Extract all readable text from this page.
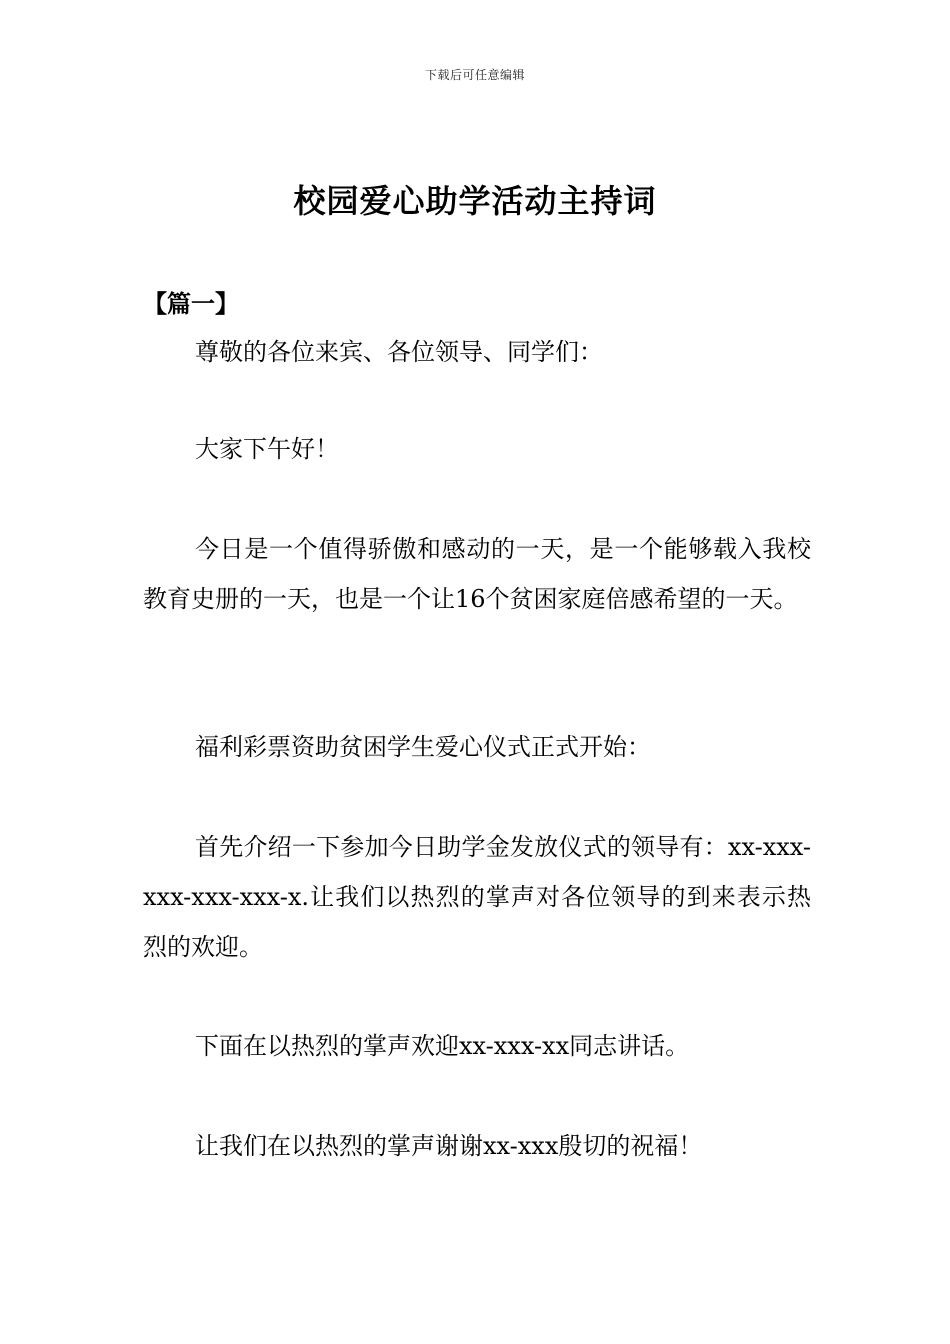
下载后可任意编辑
校园爱心助学活动主持词
【篇一】

尊敬的各位来宾、各位领导、同学们：

大家下午好！

今日是一个值得骄傲和感动的一天，是一个能够载入我校教育史册的一天，也是一个让16个贫困家庭倍感希望的一天。

福利彩票资助贫困学生爱心仪式正式开始：

首先介绍一下参加今日助学金发放仪式的领导有：xx-xxx-xxx-xxx-xxx-x.让我们以热烈的掌声对各位领导的到来表示热烈的欢迎。

下面在以热烈的掌声欢迎xx-xxx-xx同志讲话。

让我们在以热烈的掌声谢谢xx-xxx殷切的祝福！
